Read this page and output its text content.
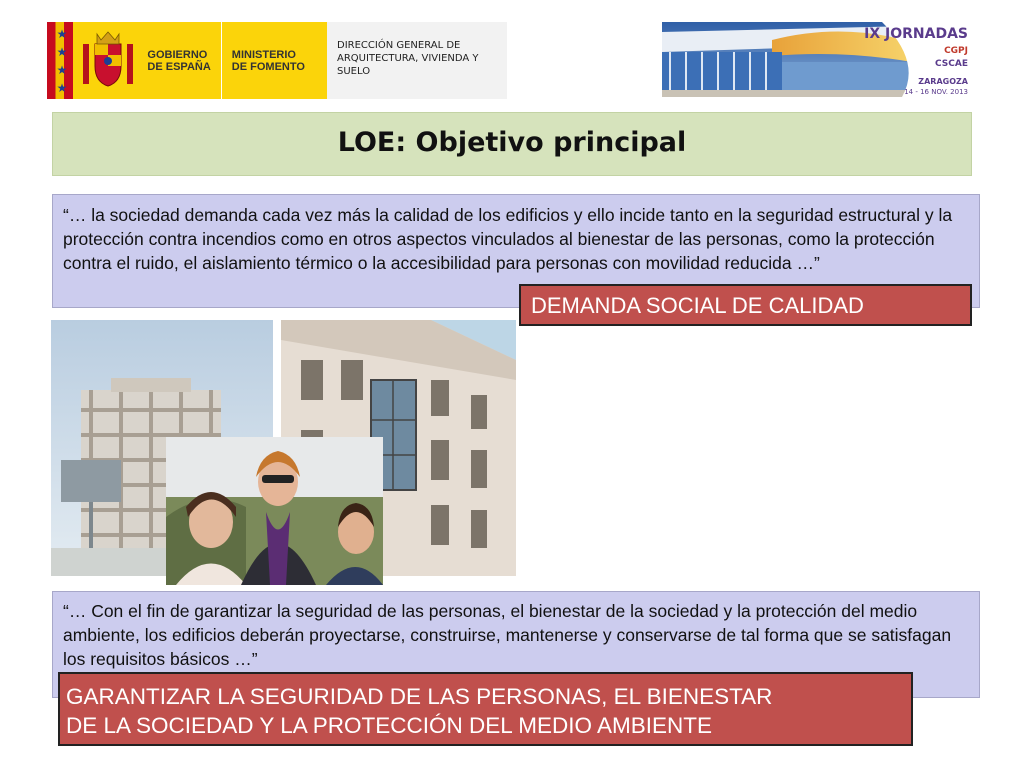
★
★
★
★
GOBIERNO
DE ESPAÑA
MINISTERIO
DE FOMENTO
DIRECCIÓN GENERAL DE ARQUITECTURA, VIVIENDA Y SUELO
IX JORNADAS
CGPJ
CSCAE
ZARAGOZA
14 - 16 NOV. 2013
LOE: Objetivo principal
“… la sociedad demanda cada vez más la calidad de los edificios y ello incide tanto en la seguridad estructural y la protección contra incendios como en otros aspectos vinculados al bienestar de las personas, como la protección contra el ruido, el aislamiento térmico o la accesibilidad para personas con movilidad reducida …”
DEMANDA SOCIAL DE CALIDAD
“… Con el fin de garantizar la seguridad de las personas, el bienestar de la sociedad y la protección del medio ambiente, los edificios deberán proyectarse, construirse, mantenerse y conservarse de tal forma que se satisfagan los requisitos básicos …”
GARANTIZAR LA SEGURIDAD DE LAS PERSONAS, EL BIENESTAR
DE LA SOCIEDAD Y LA PROTECCIÓN DEL MEDIO AMBIENTE
